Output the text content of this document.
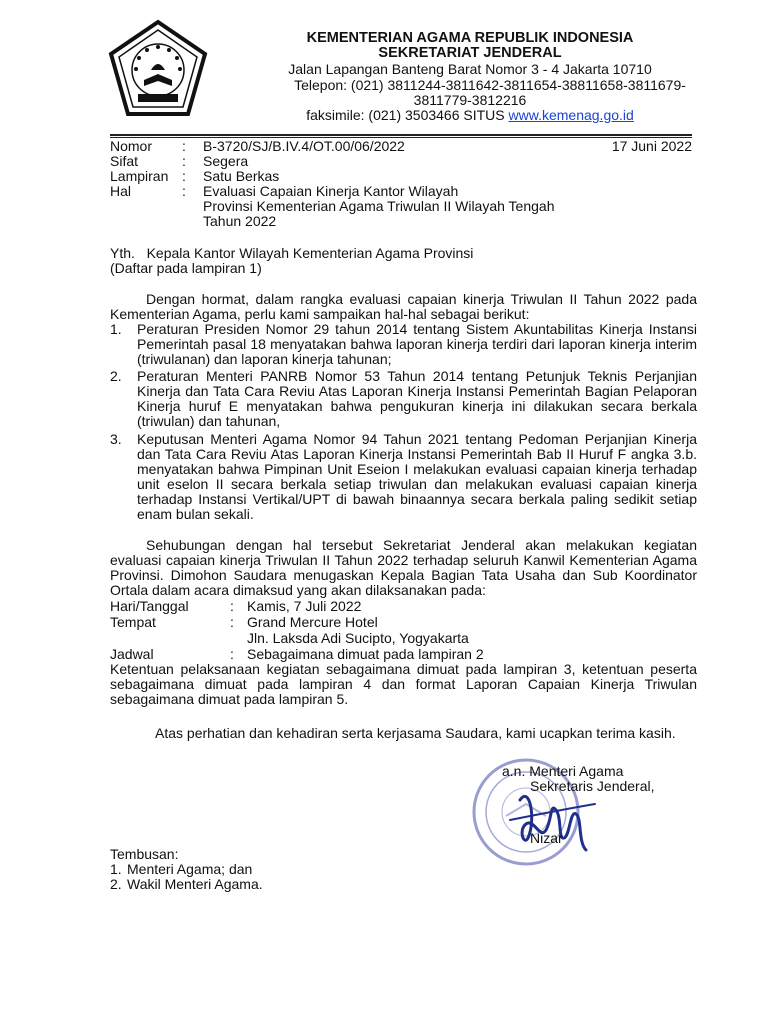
KEMENTERIAN AGAMA REPUBLIK INDONESIA
SEKRETARIAT JENDERAL
Jalan Lapangan Banteng Barat Nomor 3 - 4 Jakarta 10710
Telepon: (021) 3811244-3811642-3811654-38811658-3811679-
3811779-3812216
faksimile: (021) 3503466 SITUS www.kemenag.go.id
Nomor	: B-3720/SJ/B.IV.4/OT.00/06/2022	17 Juni 2022
Sifat	: Segera
Lampiran : Satu Berkas
Hal	: Evaluasi Capaian Kinerja Kantor Wilayah
Provinsi Kementerian Agama Triwulan II Wilayah Tengah
Tahun 2022
Yth.   Kepala Kantor Wilayah Kementerian Agama Provinsi
(Daftar pada lampiran 1)
Dengan hormat, dalam rangka evaluasi capaian kinerja Triwulan II Tahun 2022 pada Kementerian Agama, perlu kami sampaikan hal-hal sebagai berikut:
1.	Peraturan Presiden Nomor 29 tahun 2014 tentang Sistem Akuntabilitas Kinerja Instansi Pemerintah pasal 18 menyatakan bahwa laporan kinerja terdiri dari laporan kinerja interim (triwulanan) dan laporan kinerja tahunan;
2.	Peraturan Menteri PANRB Nomor 53 Tahun 2014 tentang Petunjuk Teknis Perjanjian Kinerja dan Tata Cara Reviu Atas Laporan Kinerja Instansi Pemerintah Bagian Pelaporan Kinerja huruf E menyatakan bahwa pengukuran kinerja ini dilakukan secara berkala (triwulan) dan tahunan,
3.	Keputusan Menteri Agama Nomor 94 Tahun 2021 tentang Pedoman Perjanjian Kinerja dan Tata Cara Reviu Atas Laporan Kinerja Instansi Pemerintah Bab II Huruf F angka 3.b. menyatakan bahwa Pimpinan Unit Eseion I melakukan evaluasi capaian kinerja terhadap unit eselon II secara berkala setiap triwulan dan melakukan evaluasi capaian kinerja terhadap Instansi Vertikal/UPT di bawah binaannya secara berkala paling sedikit setiap enam bulan sekali.
Sehubungan dengan hal tersebut Sekretariat Jenderal akan melakukan kegiatan evaluasi capaian kinerja Triwulan II Tahun 2022 terhadap seluruh Kanwil Kementerian Agama Provinsi. Dimohon Saudara menugaskan Kepala Bagian Tata Usaha dan Sub Koordinator Ortala dalam acara dimaksud yang akan dilaksanakan pada:
Hari/Tanggal	: Kamis, 7 Juli 2022
Tempat	: Grand Mercure Hotel
Jln. Laksda Adi Sucipto, Yogyakarta
Jadwal	: Sebagaimana dimuat pada lampiran 2
Ketentuan pelaksanaan kegiatan sebagaimana dimuat pada lampiran 3, ketentuan peserta sebagaimana dimuat pada lampiran 4 dan format Laporan Capaian Kinerja Triwulan sebagaimana dimuat pada lampiran 5.
Atas perhatian dan kehadiran serta kerjasama Saudara, kami ucapkan terima kasih.
a.n. Menteri Agama
Sekretaris Jenderal,
Nizar
Tembusan:
1. Menteri Agama; dan
2. Wakil Menteri Agama.
